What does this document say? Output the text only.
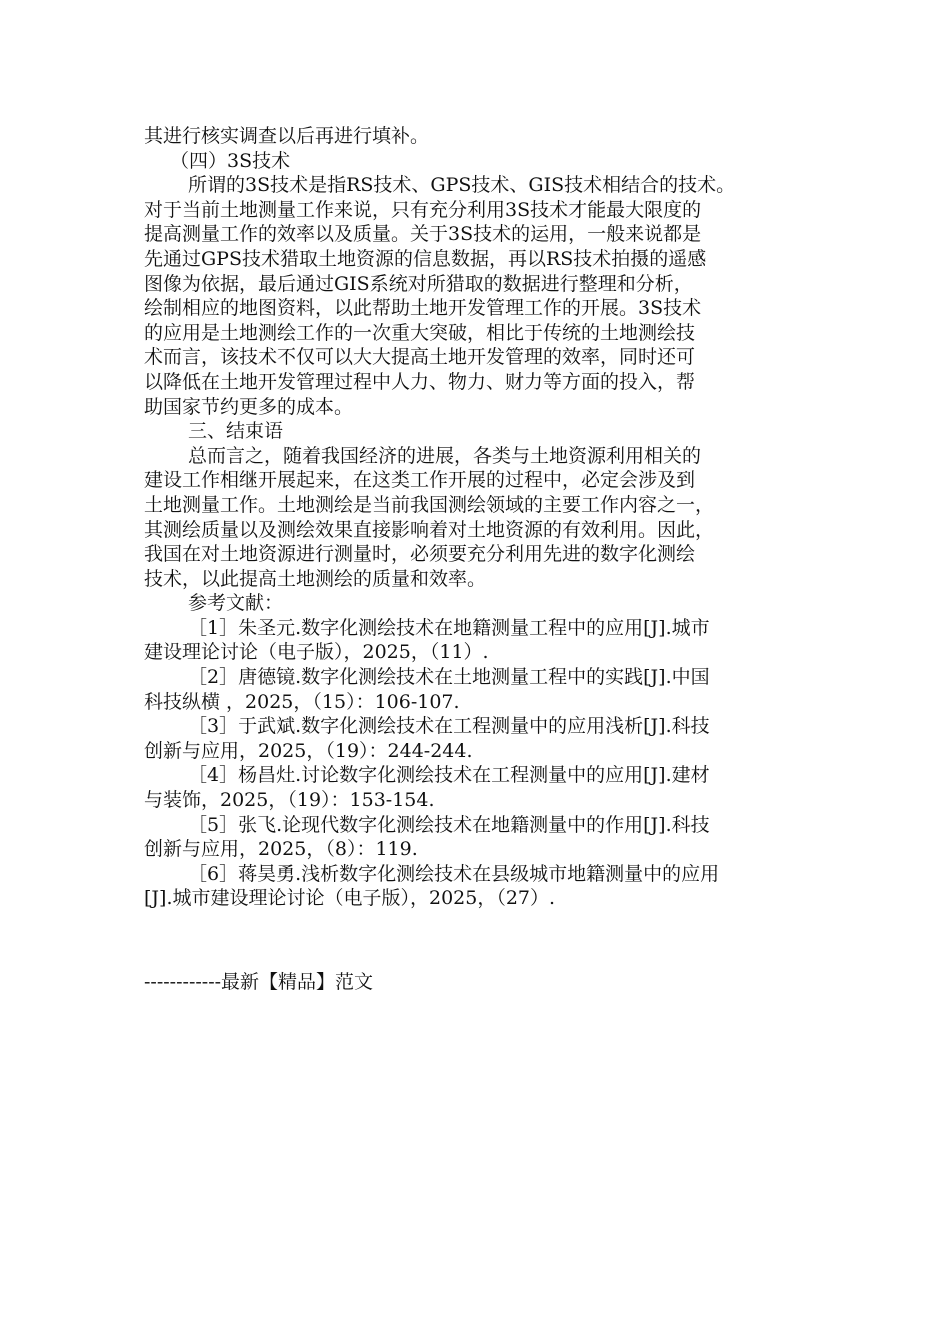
其进行核实调查以后再进行填补。
（四）3S技术
所谓的3S技术是指RS技术、GPS技术、GIS技术相结合的技术。
对于当前土地测量工作来说，只有充分利用3S技术才能最大限度的
提高测量工作的效率以及质量。关于3S技术的运用，一般来说都是
先通过GPS技术猎取土地资源的信息数据，再以RS技术拍摄的遥感
图像为依据，最后通过GIS系统对所猎取的数据进行整理和分析，
绘制相应的地图资料，以此帮助土地开发管理工作的开展。3S技术
的应用是土地测绘工作的一次重大突破，相比于传统的土地测绘技
术而言，该技术不仅可以大大提高土地开发管理的效率，同时还可
以降低在土地开发管理过程中人力、物力、财力等方面的投入，帮
助国家节约更多的成本。
三、结束语
总而言之，随着我国经济的进展，各类与土地资源利用相关的
建设工作相继开展起来，在这类工作开展的过程中，必定会涉及到
土地测量工作。土地测绘是当前我国测绘领域的主要工作内容之一，
其测绘质量以及测绘效果直接影响着对土地资源的有效利用。因此，
我国在对土地资源进行测量时，必须要充分利用先进的数字化测绘
技术，以此提高土地测绘的质量和效率。
参考文献：
［1］朱圣元.数字化测绘技术在地籍测量工程中的应用[J].城市
建设理论讨论（电子版），2025，（11）.
［2］唐德镜.数字化测绘技术在土地测量工程中的实践[J].中国
科技纵横 ，2025，（15）：106-107.
［3］于武斌.数字化测绘技术在工程测量中的应用浅析[J].科技
创新与应用，2025，（19）：244-244.
［4］杨昌灶.讨论数字化测绘技术在工程测量中的应用[J].建材
与装饰，2025，（19）：153-154.
［5］张飞.论现代数字化测绘技术在地籍测量中的作用[J].科技
创新与应用，2025，（8）：119.
［6］蒋昊勇.浅析数字化测绘技术在县级城市地籍测量中的应用
[J].城市建设理论讨论（电子版），2025，（27）.
------------最新【精品】范文
